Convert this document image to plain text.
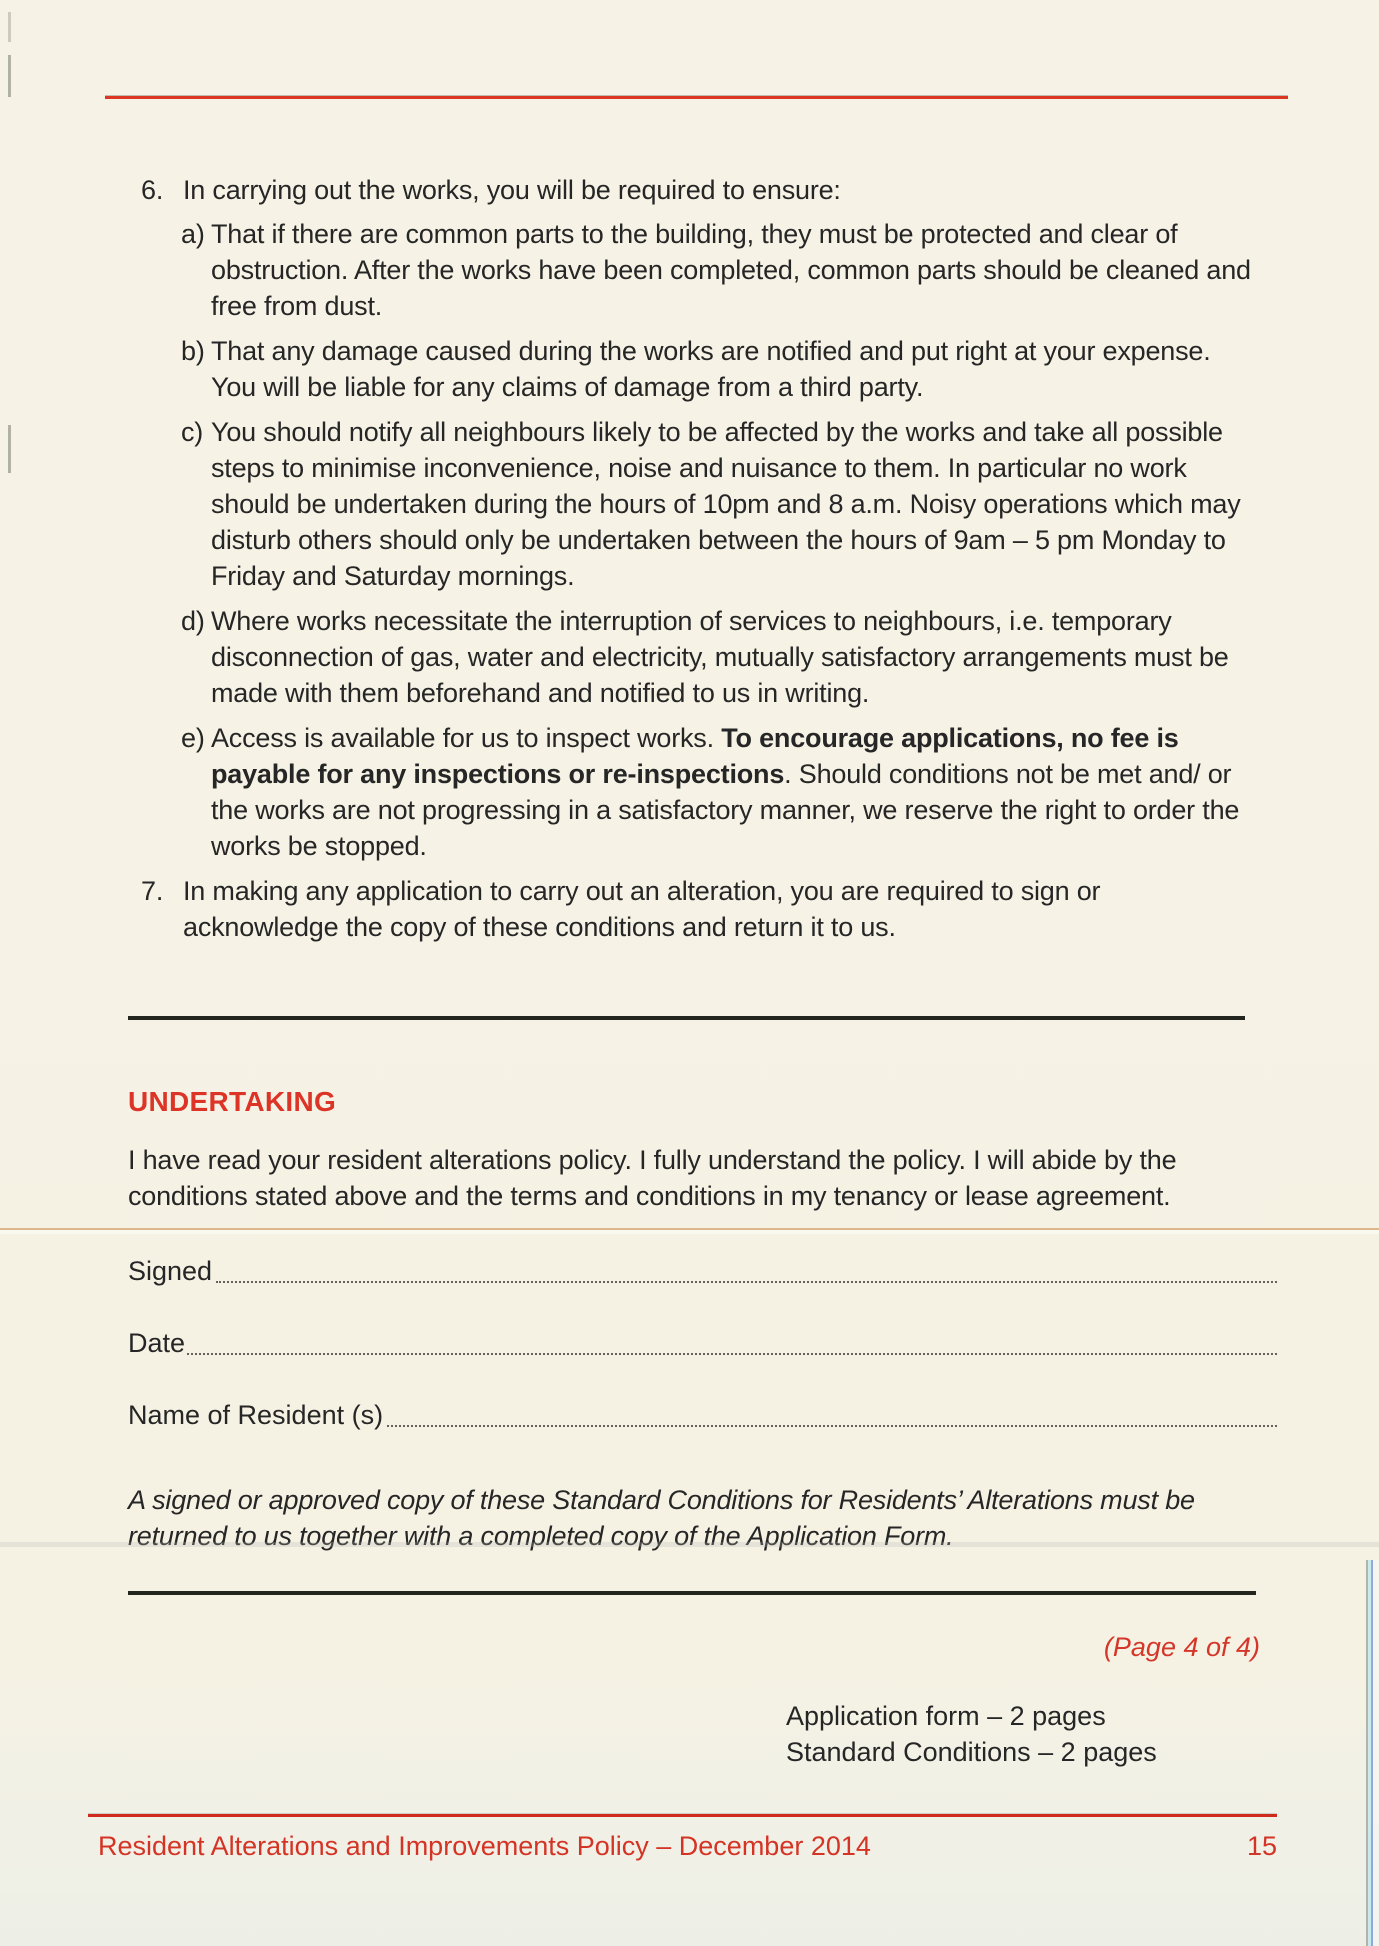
6. In carrying out the works, you will be required to ensure:
a) That if there are common parts to the building, they must be protected and clear of obstruction. After the works have been completed, common parts should be cleaned and free from dust.
b) That any damage caused during the works are notified and put right at your expense. You will be liable for any claims of damage from a third party.
c) You should notify all neighbours likely to be affected by the works and take all possible steps to minimise inconvenience, noise and nuisance to them. In particular no work should be undertaken during the hours of 10pm and 8 a.m. Noisy operations which may disturb others should only be undertaken between the hours of 9am – 5 pm Monday to Friday and Saturday mornings.
d) Where works necessitate the interruption of services to neighbours, i.e. temporary disconnection of gas, water and electricity, mutually satisfactory arrangements must be made with them beforehand and notified to us in writing.
e) Access is available for us to inspect works. To encourage applications, no fee is payable for any inspections or re-inspections. Should conditions not be met and/ or the works are not progressing in a satisfactory manner, we reserve the right to order the works be stopped.
7. In making any application to carry out an alteration, you are required to sign or acknowledge the copy of these conditions and return it to us.
UNDERTAKING
I have read your resident alterations policy. I fully understand the policy. I will abide by the conditions stated above and the terms and conditions in my tenancy or lease agreement.
Signed
Date
Name of Resident (s)
A signed or approved copy of these Standard Conditions for Residents’ Alterations must be returned to us together with a completed copy of the Application Form.
(Page 4 of 4)
Application form – 2 pages
Standard Conditions – 2 pages
Resident Alterations and Improvements Policy – December 2014	15
